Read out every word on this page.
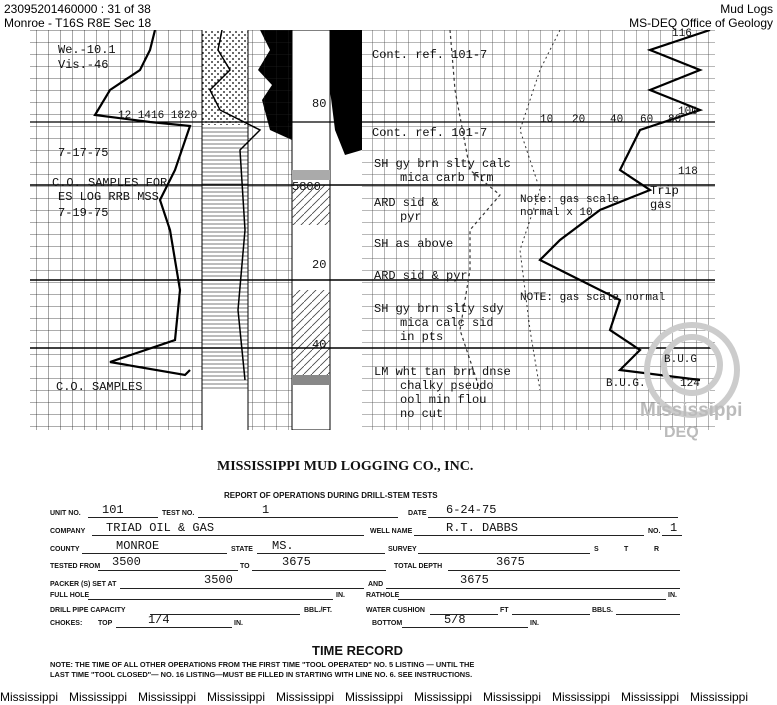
23095201460000 : 31 of 38
Monroe - T16S R8E Sec 18
Mud Logs
MS-DEQ Office of Geology
We.-10.1
Vis.-46
12 1416 1820
7-17-75
C.O. SAMPLES FOR
ES LOG RRB MSS
7-19-75
C.O. SAMPLES
80
5800
20
40
Cont. ref. 101-7
Cont. ref. 101-7
SH gy brn slty calc
mica carb frm
ARD sid &
pyr
SH as above
ARD sid & pyr
SH gy brn slty sdy
mica calc sid
in pts
LM wht tan brn dnse
chalky pseudo
ool min flou
no cut
10 20 40 60 80
Note: gas scale
normal x 10
NOTE: gas scale normal
Trip
gas
116
118
100
124
B.U.G
B.U.G.
Mississippi
DEQ
MISSISSIPPI MUD LOGGING CO., INC.
REPORT OF OPERATIONS DURING DRILL-STEM TESTS
UNIT NO. 101	TEST NO.	1	DATE 6-24-75
COMPANY TRIAD OIL & GAS	WELL NAME	R.T. DABBS	NO. 1
COUNTY	MONROE	STATE MS.	SURVEY	S	T	R
TESTED FROM 3500	TO	3675	TOTAL DEPTH	3675
PACKER (S) SET AT	3500	AND	3675
FULL HOLE	IN.	RATHOLE	IN.
DRILL PIPE CAPACITY	BBL./FT.	WATER CUSHION	FT	BBLS.
CHOKES: TOP	1/4	IN.	BOTTOM	5/8	IN.
TIME RECORD
NOTE: THE TIME OF ALL OTHER OPERATIONS FROM THE FIRST TIME "TOOL OPERATED" NO. 5 LISTING — UNTIL THE
LAST TIME "TOOL CLOSED"— NO. 16 LISTING—MUST BE FILLED IN STARTING WITH LINE NO. 6. SEE INSTRUCTIONS.
Mississippi Mississippi Mississippi Mississippi Mississippi Mississippi Mississippi Mississippi Mississippi Mississippi Mississippi
